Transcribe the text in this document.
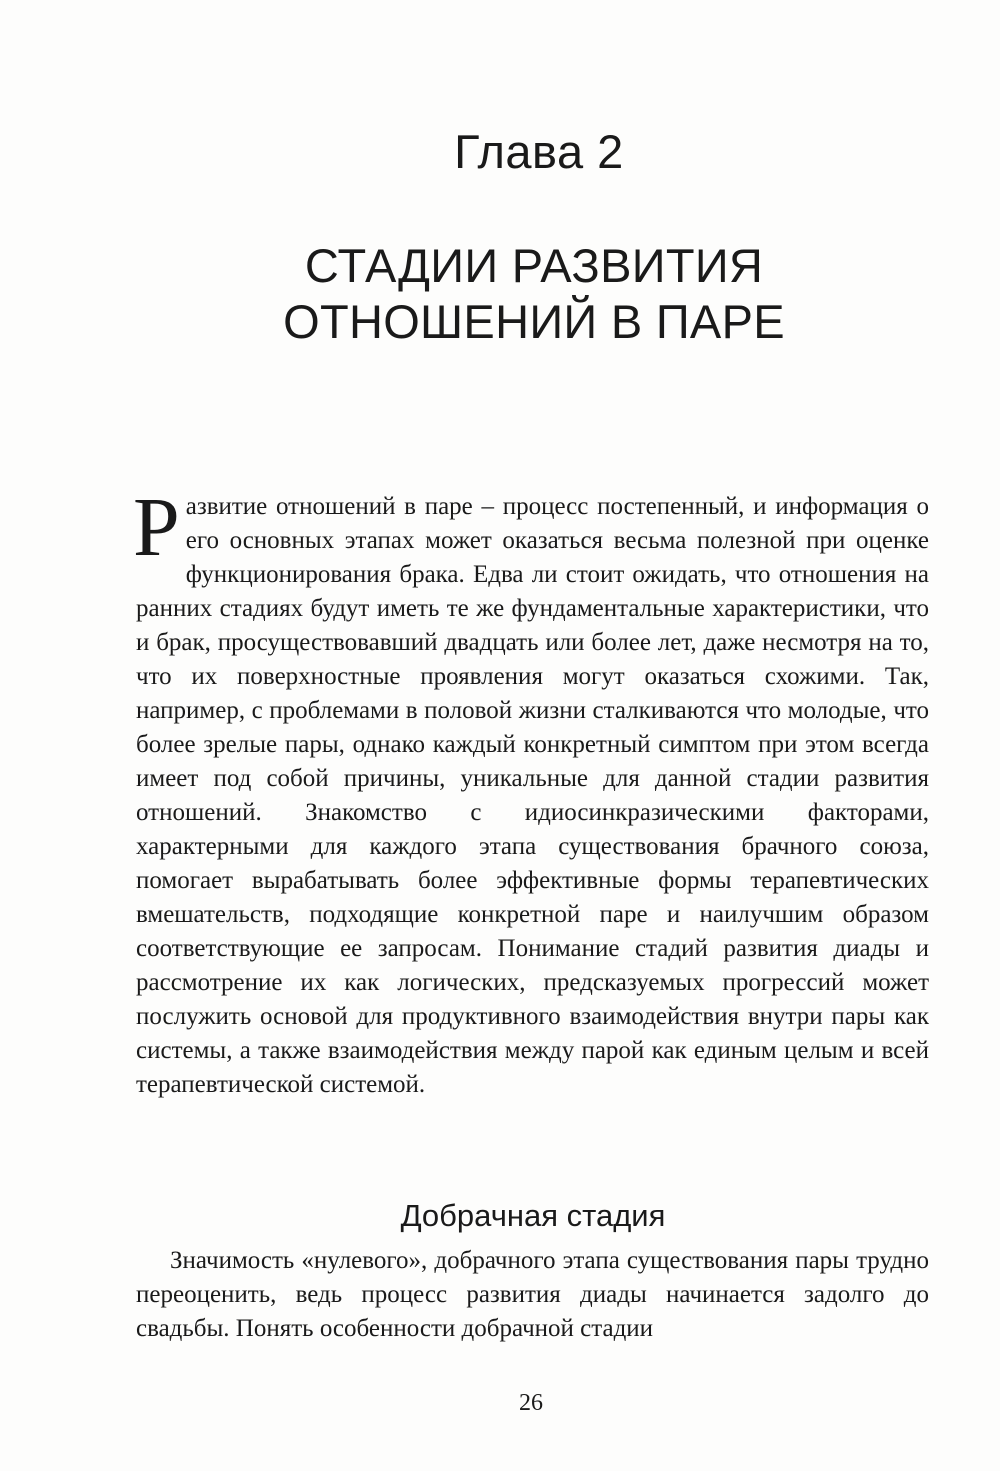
Глава 2
СТАДИИ РАЗВИТИЯ
ОТНОШЕНИЙ В ПАРЕ
Р азвитие отношений в паре – процесс постепенный, и информация о его основных этапах может оказаться весьма полезной при оценке функционирования брака. Едва ли стоит ожидать, что отношения на ранних стадиях будут иметь те же фундаментальные характеристики, что и брак, просуществовавший двадцать или более лет, даже несмотря на то, что их поверхностные проявления могут оказаться схожими. Так, например, с проблемами в половой жизни сталкиваются что молодые, что более зрелые пары, однако каждый конкретный симптом при этом всегда имеет под собой причины, уникальные для данной стадии развития отношений. Знакомство с идиосинкразическими факторами, характерными для каждого этапа существования брачного союза, помогает вырабатывать более эффективные формы терапевтических вмешательств, подходящие конкретной паре и наилучшим образом соответствующие ее запросам. Понимание стадий развития диады и рассмотрение их как логических, предсказуемых прогрессий может послужить основой для продуктивного взаимодействия внутри пары как системы, а также взаимодействия между парой как единым целым и всей терапевтической системой.
Добрачная стадия
Значимость «нулевого», добрачного этапа существования пары трудно переоценить, ведь процесс развития диады начинается задолго до свадьбы. Понять особенности добрачной стадии
26
